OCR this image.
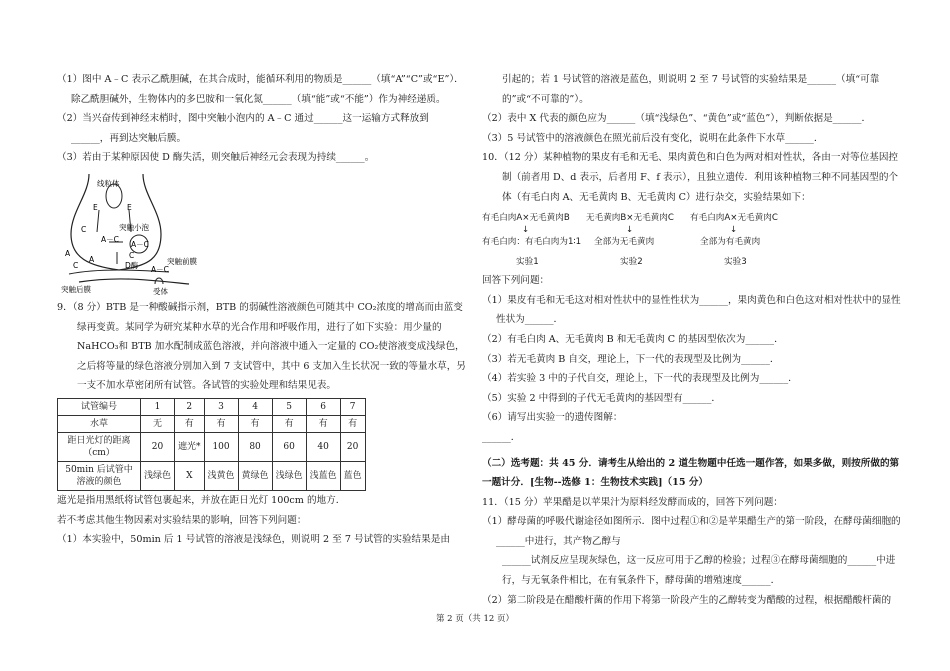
（1）图中 A﹣C 表示乙酰胆碱，在其合成时，能循环利用的物质是______（填“A”“C”或“E”）．除乙酰胆碱外，生物体内的多巴胺和一氧化氮______（填“能”或“不能”）作为神经递质。

（2）当兴奋传到神经末梢时，图中突触小泡内的 A﹣C 通过______这一运输方式释放到______，再到达突触后膜。

（3）若由于某种原因使 D 酶失活，则突触后神经元会表现为持续______。

线粒体
E	E
突触小泡
A－C
A－C
C
C
C
A
A
D酶 A－C
突触前膜
突触后膜	受体

9．（8 分）BTB 是一种酸碱指示剂，BTB 的弱碱性溶液颜色可随其中 CO₂浓度的增高而由蓝变绿再变黄。某同学为研究某种水草的光合作用和呼吸作用，进行了如下实验：用少量的 NaHCO₃和 BTB 加水配制成蓝色溶液，并向溶液中通入一定量的 CO₂使溶液变成浅绿色，之后将等量的绿色溶液分别加入到 7 支试管中，其中 6 支加入生长状况一致的等量水草，另一支不加水草密闭所有试管。各试管的实验处理和结果见表。

试管编号	1	2	3	4	5	6	7
水草	无	有	有	有	有	有	有
距日光灯的距离（cm）	20	遮光*	100	80	60	40	20
50min 后试管中溶液的颜色	浅绿色	X	浅黄色	黄绿色	浅绿色	浅蓝色	蓝色

遮光是指用黑纸将试管包裹起来，并放在距日光灯 100cm 的地方．

若不考虑其他生物因素对实验结果的影响，回答下列问题：

（1）本实验中，50min 后 1 号试管的溶液是浅绿色，则说明 2 至 7 号试管的实验结果是由

引起的；若 1 号试管的溶液是蓝色，则说明 2 至 7 号试管的实验结果是______（填“可靠的”或“不可靠的”）。

（2）表中 X 代表的颜色应为______（填“浅绿色”、“黄色”或“蓝色”），判断依据是______．

（3）5 号试管中的溶液颜色在照光前后没有变化，说明在此条件下水草______．

10．（12 分）某种植物的果皮有毛和无毛、果肉黄色和白色为两对相对性状，各由一对等位基因控制（前者用 D、d 表示，后者用 F、f 表示），且独立遗传．利用该种植物三种不同基因型的个体（有毛白肉 A、无毛黄肉 B、无毛黄肉 C）进行杂交，实验结果如下：

有毛白肉A×无毛黄肉B
↓
有毛白肉：有毛白肉为1∶1
实验1
无毛黄肉B×无毛黄肉C
↓
全部为无毛黄肉
实验2
有毛白肉A×无毛黄肉C
↓
全部为有毛黄肉
实验3

回答下列问题：

（1）果皮有毛和无毛这对相对性状中的显性性状为______，果肉黄色和白色这对相对性状中的显性性状为______．

（2）有毛白肉 A、无毛黄肉 B 和无毛黄肉 C 的基因型依次为______．

（3）若无毛黄肉 B 自交，理论上，下一代的表现型及比例为______．

（4）若实验 3 中的子代自交，理论上，下一代的表现型及比例为______．

（5）实验 2 中得到的子代无毛黄肉的基因型有______．

（6）请写出实验一的遗传图解：

______．

（二）选考题：共 45 分．请考生从给出的 2 道生物题中任选一题作答，如果多做，则按所做的第一题计分．[生物--选修 1：生物技术实践]（15 分）

11．（15 分）苹果醋是以苹果汁为原料经发酵而成的，回答下列问题：

（1）酵母菌的呼吸代谢途径如图所示．图中过程①和②是苹果醋生产的第一阶段，在酵母菌细胞的______中进行，其产物乙醇与

______试剂反应呈现灰绿色，这一反应可用于乙醇的检验；过程③在酵母菌细胞的______中进行，与无氧条件相比，在有氧条件下，酵母菌的增殖速度______．

（2）第二阶段是在醋酸杆菌的作用下将第一阶段产生的乙醇转变为醋酸的过程，根据醋酸杆菌的

第 2 页（共 12 页）
